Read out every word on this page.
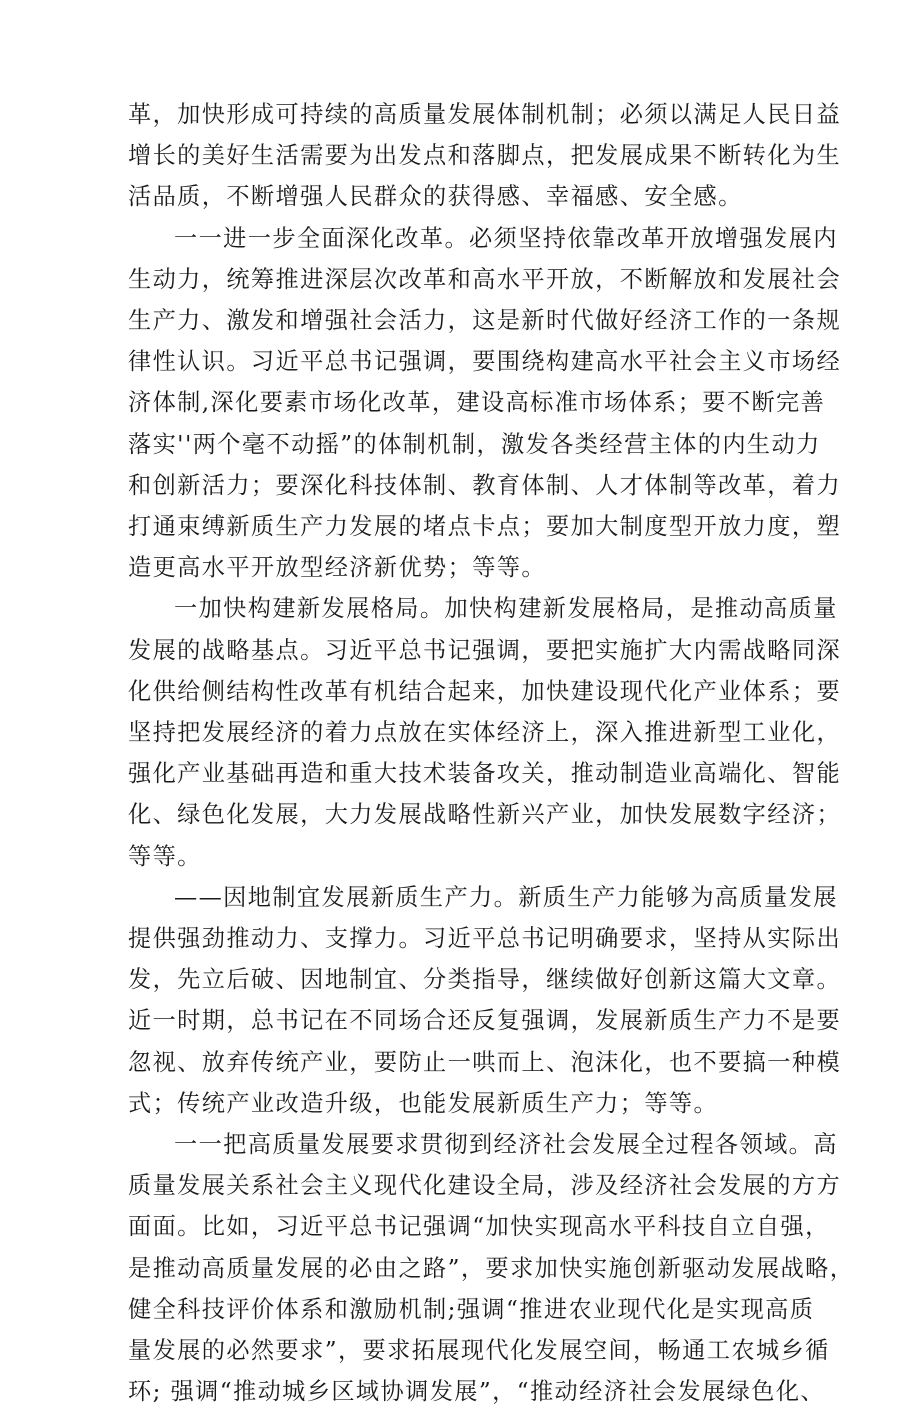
革，加快形成可持续的高质量发展体制机制；必须以满足人民日益
增长的美好生活需要为出发点和落脚点，把发展成果不断转化为生
活品质，不断增强人民群众的获得感、幸福感、安全感。
一一进一步全面深化改革。必须坚持依靠改革开放增强发展内
生动力，统筹推进深层次改革和高水平开放，不断解放和发展社会
生产力、激发和增强社会活力，这是新时代做好经济工作的一条规
律性认识。习近平总书记强调，要围绕构建高水平社会主义市场经
济体制,深化要素市场化改革，建设高标准市场体系；要不断完善
落实''两个毫不动摇”的体制机制，激发各类经营主体的内生动力
和创新活力；要深化科技体制、教育体制、人才体制等改革，着力
打通束缚新质生产力发展的堵点卡点；要加大制度型开放力度，塑
造更高水平开放型经济新优势；等等。
一加快构建新发展格局。加快构建新发展格局，是推动高质量
发展的战略基点。习近平总书记强调，要把实施扩大内需战略同深
化供给侧结构性改革有机结合起来，加快建设现代化产业体系；要
坚持把发展经济的着力点放在实体经济上，深入推进新型工业化，
强化产业基础再造和重大技术装备攻关，推动制造业高端化、智能
化、绿色化发展，大力发展战略性新兴产业，加快发展数字经济；
等等。
——因地制宜发展新质生产力。新质生产力能够为高质量发展
提供强劲推动力、支撑力。习近平总书记明确要求，坚持从实际出
发，先立后破、因地制宜、分类指导，继续做好创新这篇大文章。
近一时期，总书记在不同场合还反复强调，发展新质生产力不是要
忽视、放弃传统产业，要防止一哄而上、泡沫化，也不要搞一种模
式；传统产业改造升级，也能发展新质生产力；等等。
一一把高质量发展要求贯彻到经济社会发展全过程各领域。高
质量发展关系社会主义现代化建设全局，涉及经济社会发展的方方
面面。比如，习近平总书记强调“加快实现高水平科技自立自强，
是推动高质量发展的必由之路”，要求加快实施创新驱动发展战略，
健全科技评价体系和激励机制;强调“推进农业现代化是实现高质
量发展的必然要求”，要求拓展现代化发展空间，畅通工农城乡循
环; 强调“推动城乡区域协调发展”，“推动经济社会发展绿色化、
